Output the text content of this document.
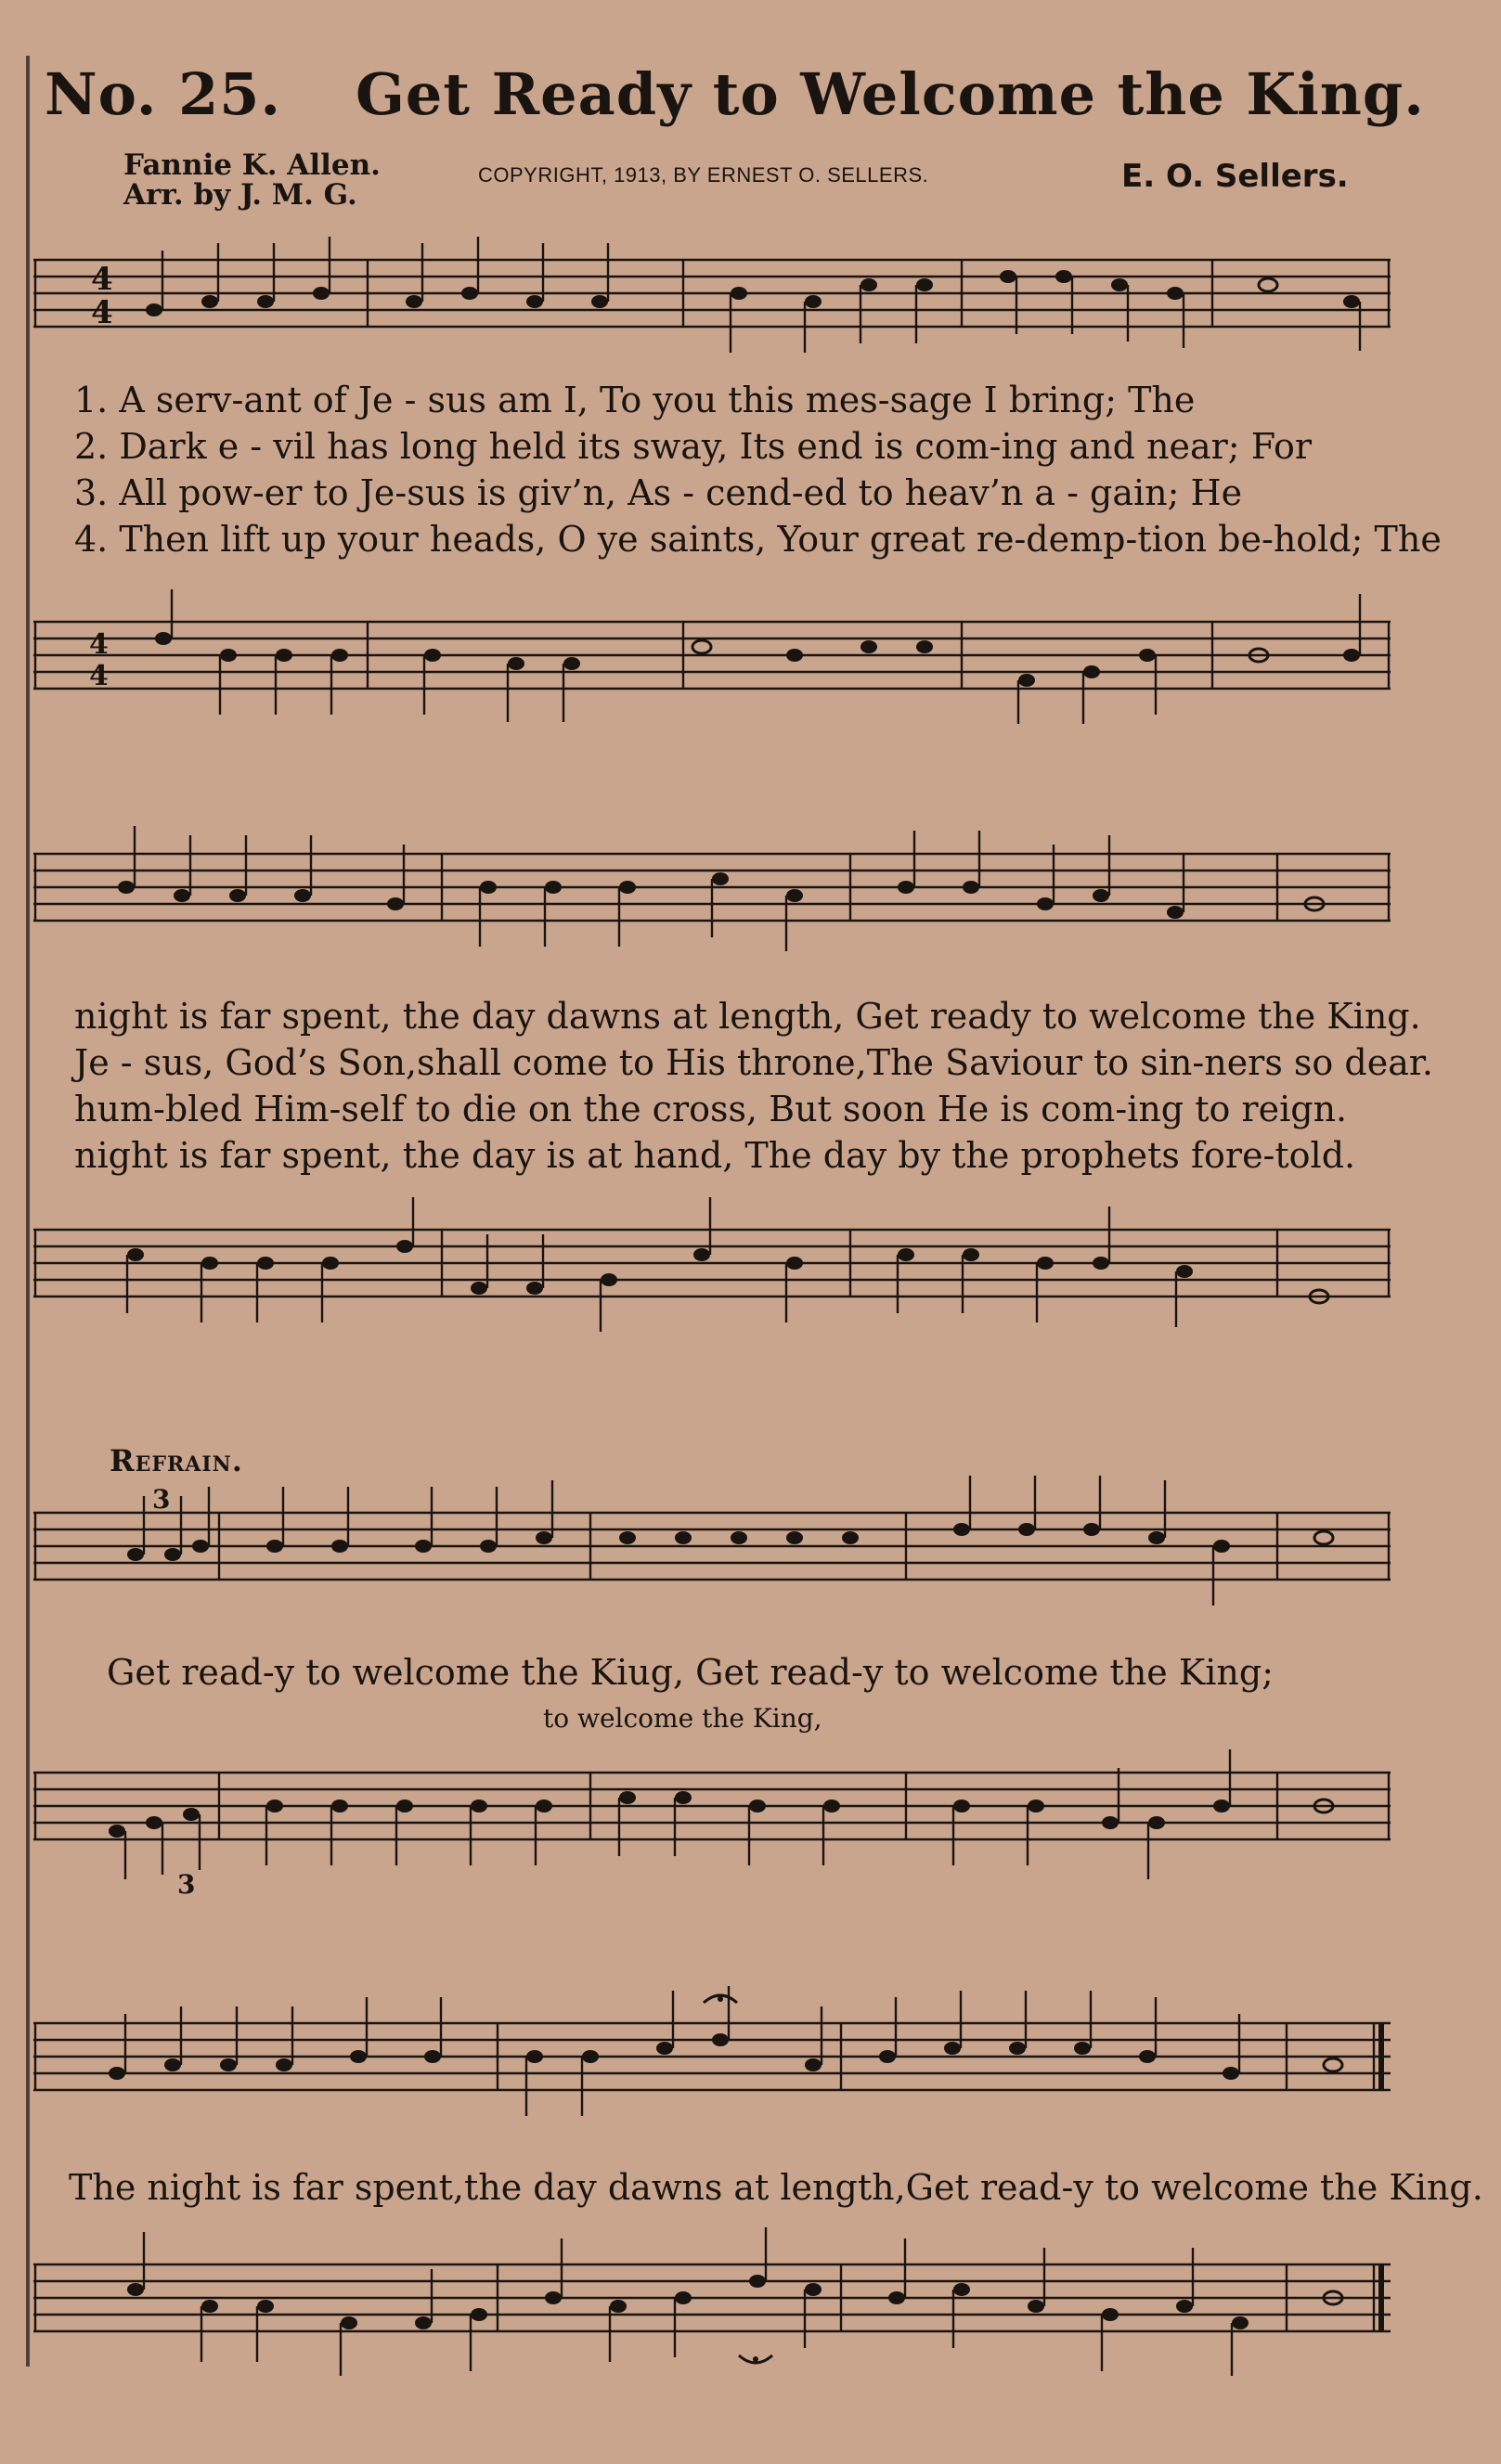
No. 25. Get Ready to Welcome the King.
Fannie K. Allen.
Arr. by J. M. G.
COPYRIGHT, 1913, BY ERNEST O. SELLERS.	E. O. Sellers.
4
4
1. A serv-ant of Je - sus am I, To you this mes-sage I bring; The
2. Dark e - vil has long held its sway, Its end is com-ing and near; For
3. All pow-er to Je-sus is giv’n, As - cend-ed to heav’n a - gain; He
4. Then lift up your heads, O ye saints, Your great re-demp-tion be-hold; The
4
4
night is far spent, the day dawns at length, Get ready to welcome the King.
Je - sus, God’s Son,shall come to His throne,The Saviour to sin-ners so dear.
hum-bled Him-self to die on the cross, But soon He is com-ing to reign.
night is far spent, the day is at hand, The day by the prophets fore-told.
Refrain.
3
Get read-y to welcome the Kiug, Get read-y to welcome the King;
to welcome the King,
3
The night is far spent,the day dawns at length,Get read-y to welcome the King.
